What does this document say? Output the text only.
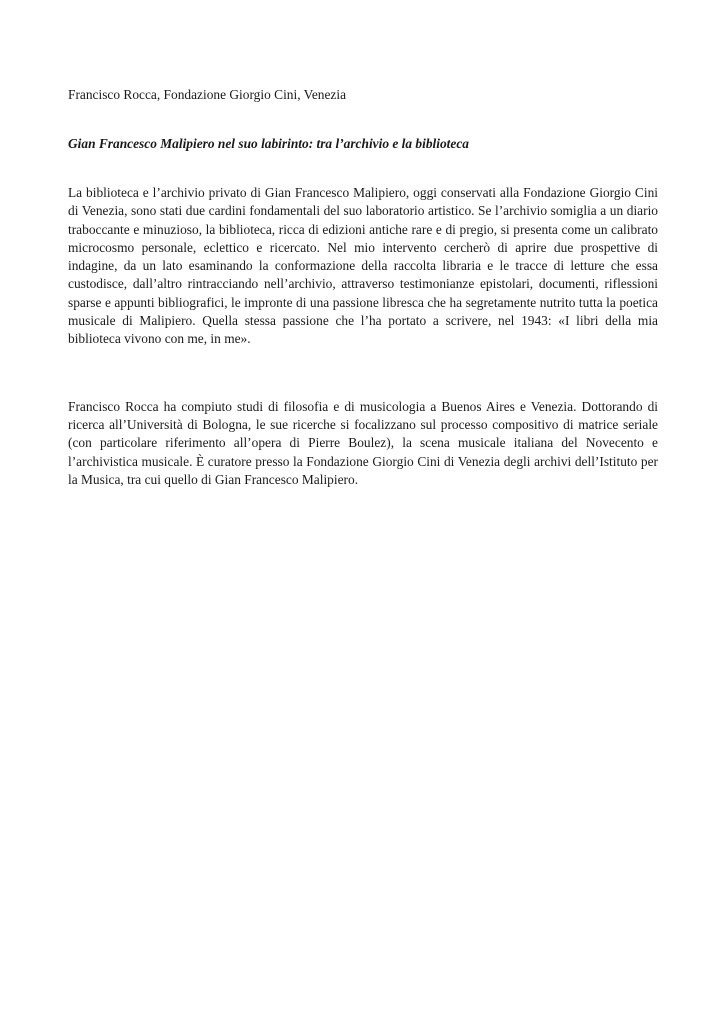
Francisco Rocca, Fondazione Giorgio Cini, Venezia

Gian Francesco Malipiero nel suo labirinto: tra l’archivio e la biblioteca

La biblioteca e l’archivio privato di Gian Francesco Malipiero, oggi conservati alla Fondazione Giorgio Cini di Venezia, sono stati due cardini fondamentali del suo laboratorio artistico. Se l’archivio somiglia a un diario traboccante e minuzioso, la biblioteca, ricca di edizioni antiche rare e di pregio, si presenta come un calibrato microcosmo personale, eclettico e ricercato. Nel mio intervento cercherò di aprire due prospettive di indagine, da un lato esaminando la conformazione della raccolta libraria e le tracce di letture che essa custodisce, dall’altro rintracciando nell’archivio, attraverso testimonianze epistolari, documenti, riflessioni sparse e appunti bibliografici, le impronte di una passione libresca che ha segretamente nutrito tutta la poetica musicale di Malipiero. Quella stessa passione che l’ha portato a scrivere, nel 1943: «I libri della mia biblioteca vivono con me, in me».

Francisco Rocca ha compiuto studi di filosofia e di musicologia a Buenos Aires e Venezia. Dottorando di ricerca all’Università di Bologna, le sue ricerche si focalizzano sul processo compositivo di matrice seriale (con particolare riferimento all’opera di Pierre Boulez), la scena musicale italiana del Novecento e l’archivistica musicale. È curatore presso la Fondazione Giorgio Cini di Venezia degli archivi dell’Istituto per la Musica, tra cui quello di Gian Francesco Malipiero.
